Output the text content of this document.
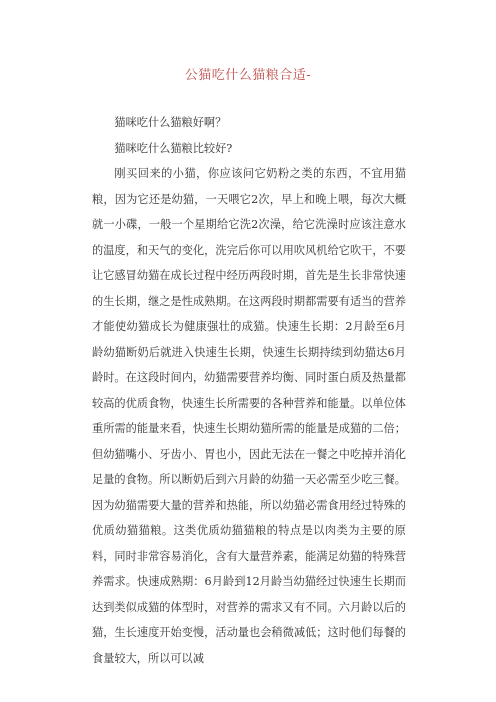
公猫吃什么猫粮合适-

猫咪吃什么猫粮好啊？

猫咪吃什么猫粮比较好?

刚买回来的小猫，你应该问它奶粉之类的东西，不宜用猫粮，因为它还是幼猫，一天喂它2次，早上和晚上喂，每次大概就一小碟，一般一个星期给它洗2次澡，给它洗澡时应该注意水的温度，和天气的变化，洗完后你可以用吹风机给它吹干，不要让它感冒幼猫在成长过程中经历两段时期，首先是生长非常快速的生长期，继之是性成熟期。在这两段时期都需要有适当的营养才能使幼猫成长为健康强壮的成猫。快速生长期：2月龄至6月龄幼猫断奶后就进入快速生长期，快速生长期持续到幼猫达6月龄时。在这段时间内，幼猫需要营养均衡、同时蛋白质及热量都较高的优质食物，快速生长所需要的各种营养和能量。以单位体重所需的能量来看，快速生长期幼猫所需的能量是成猫的二倍；但幼猫嘴小、牙齿小、胃也小，因此无法在一餐之中吃掉并消化足量的食物。所以断奶后到六月龄的幼猫一天必需至少吃三餐。因为幼猫需要大量的营养和热能，所以幼猫必需食用经过特殊的优质幼猫猫粮。这类优质幼猫猫粮的特点是以肉类为主要的原料，同时非常容易消化，含有大量营养素，能满足幼猫的特殊营养需求。快速成熟期：6月龄到12月龄当幼猫经过快速生长期而达到类似成猫的体型时，对营养的需求又有不同。六月龄以后的猫，生长速度开始变慢，活动量也会稍微减低；这时他们每餐的食量较大，所以可以减
